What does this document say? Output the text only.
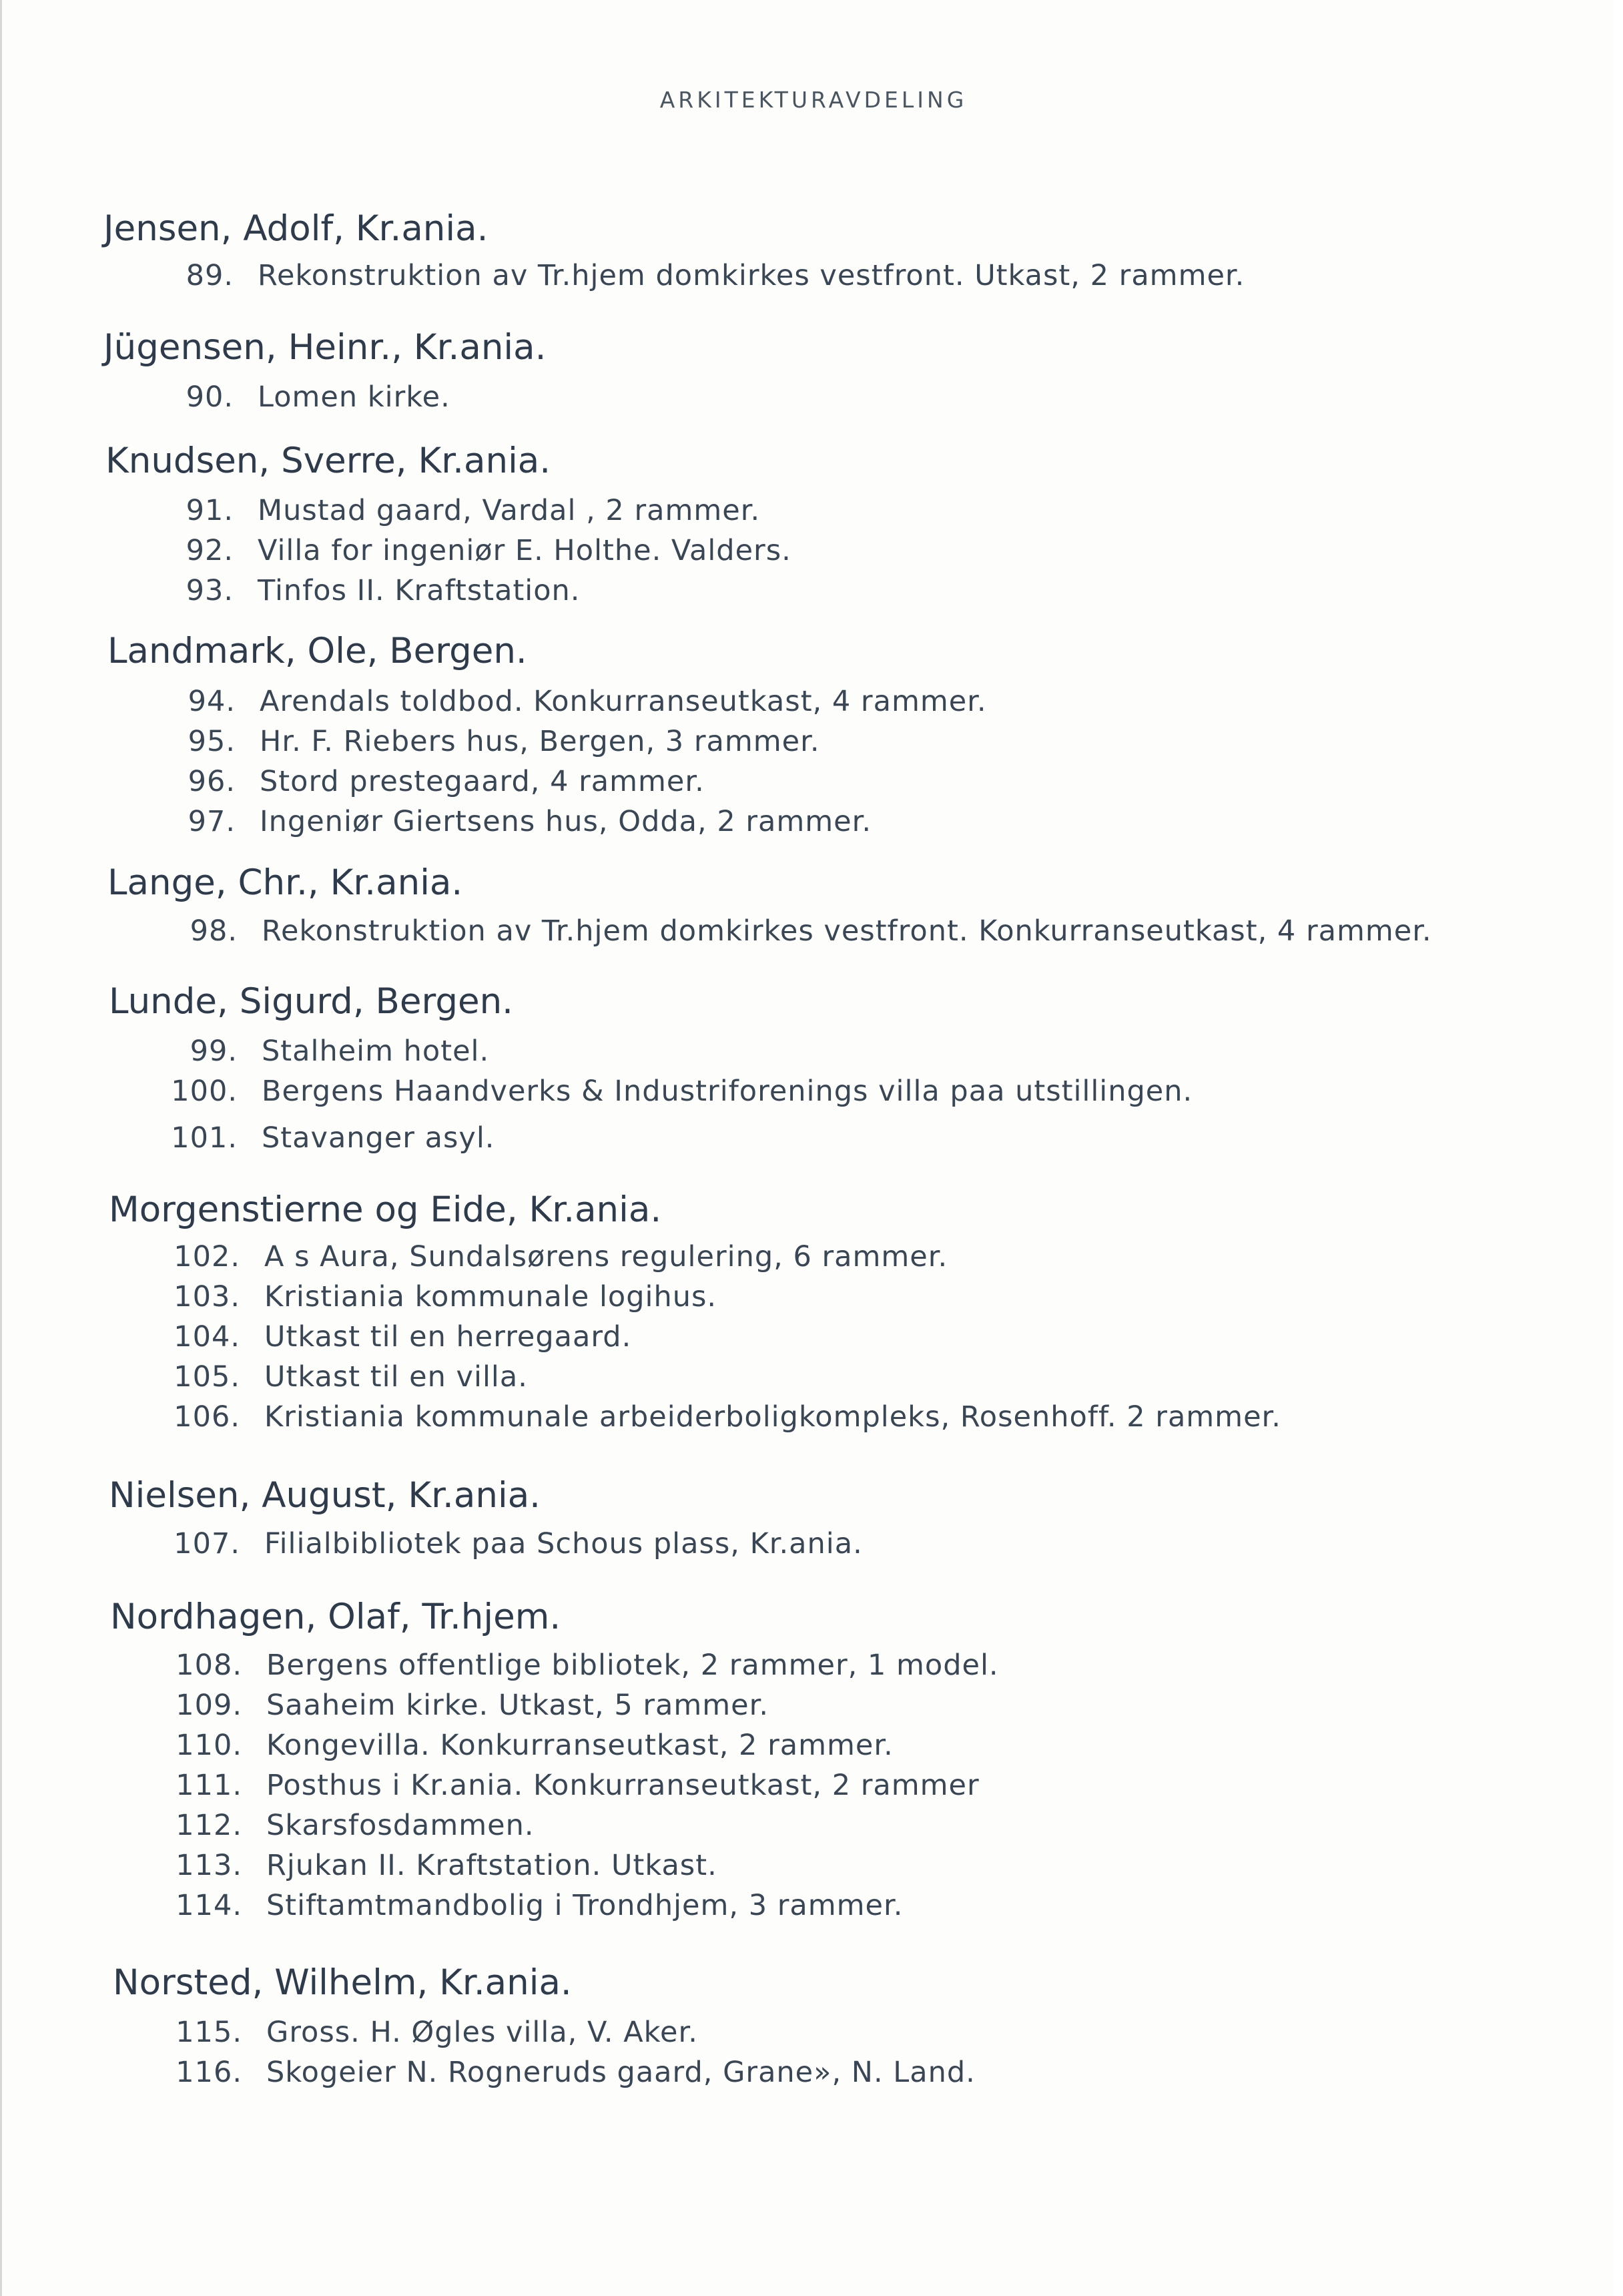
ARKITEKTURAVDELING
Jensen, Adolf, Kr.ania.
89. Rekonstruktion av Tr.hjem domkirkes vestfront. Utkast, 2 rammer.
Jügensen, Heinr., Kr.ania.
90. Lomen kirke.
Knudsen, Sverre, Kr.ania.
91. Mustad gaard, Vardal , 2 rammer.
92. Villa for ingeniør E. Holthe. Valders.
93. Tinfos II. Kraftstation.
Landmark, Ole, Bergen.
94. Arendals toldbod. Konkurranseutkast, 4 rammer.
95. Hr. F. Riebers hus, Bergen, 3 rammer.
96. Stord prestegaard, 4 rammer.
97. Ingeniør Giertsens hus, Odda, 2 rammer.
Lange, Chr., Kr.ania.
98. Rekonstruktion av Tr.hjem domkirkes vestfront. Konkurranseutkast, 4 rammer.
Lunde, Sigurd, Bergen.
99. Stalheim hotel.
100. Bergens Haandverks & Industriforenings villa paa utstillingen.
101. Stavanger asyl.
Morgenstierne og Eide, Kr.ania.
102. A s Aura, Sundalsørens regulering, 6 rammer.
103. Kristiania kommunale logihus.
104. Utkast til en herregaard.
105. Utkast til en villa.
106. Kristiania kommunale arbeiderboligkompleks, Rosenhoff. 2 rammer.
Nielsen, August, Kr.ania.
107. Filialbibliotek paa Schous plass, Kr.ania.
Nordhagen, Olaf, Tr.hjem.
108. Bergens offentlige bibliotek, 2 rammer, 1 model.
109. Saaheim kirke. Utkast, 5 rammer.
110. Kongevilla. Konkurranseutkast, 2 rammer.
111. Posthus i Kr.ania. Konkurranseutkast, 2 rammer
112. Skarsfosdammen.
113. Rjukan II. Kraftstation. Utkast.
114. Stiftamtmandbolig i Trondhjem, 3 rammer.
Norsted, Wilhelm, Kr.ania.
115. Gross. H. Øgles villa, V. Aker.
116. Skogeier N. Rogneruds gaard, Grane», N. Land.
